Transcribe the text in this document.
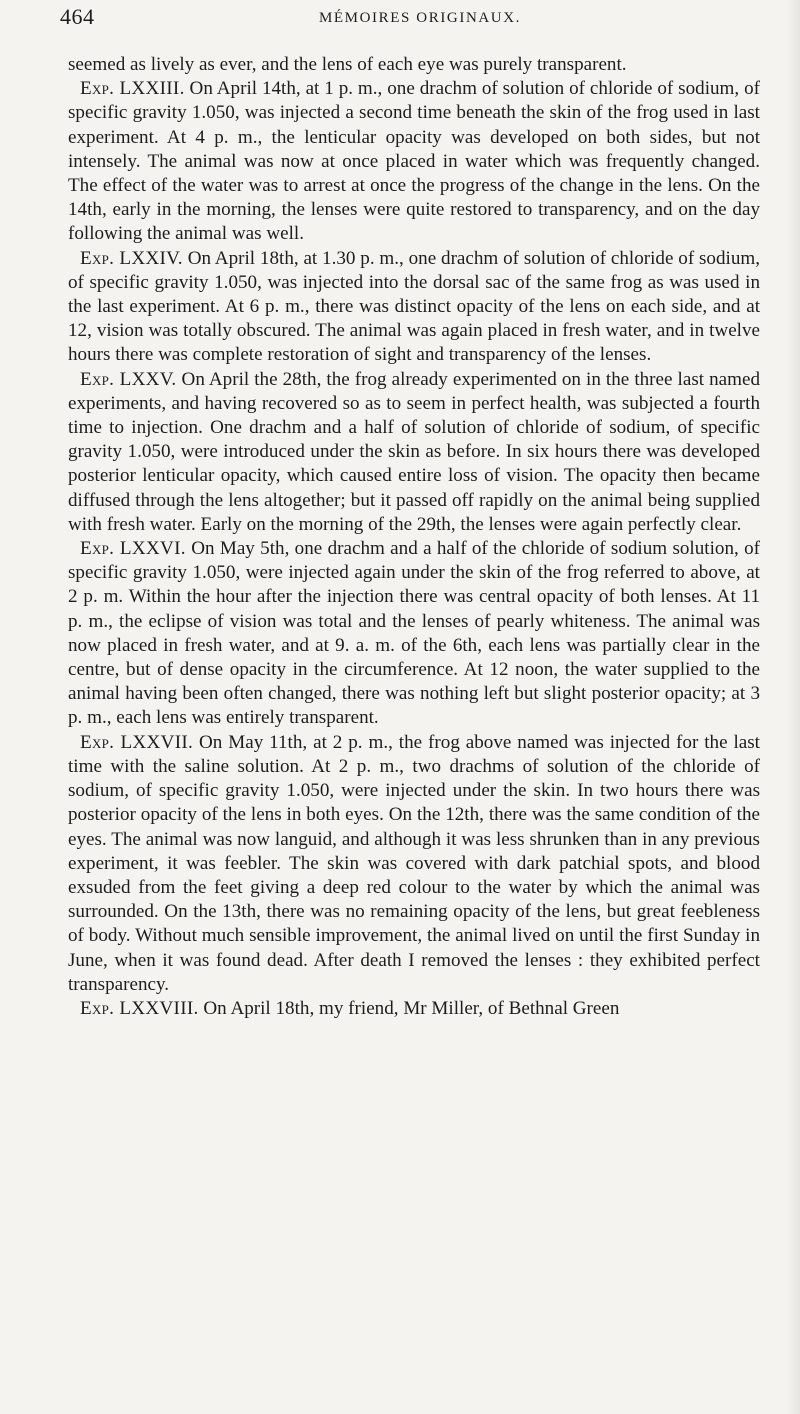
464	MÉMOIRES ORIGINAUX.

seemed as lively as ever, and the lens of each eye was purely transparent.

Exp. LXXIII. On April 14th, at 1 p. m., one drachm of solution of chloride of sodium, of specific gravity 1.050, was injected a second time beneath the skin of the frog used in last experiment. At 4 p. m., the lenticular opacity was developed on both sides, but not intensely. The animal was now at once placed in water which was frequently changed. The effect of the water was to arrest at once the progress of the change in the lens. On the 14th, early in the morning, the lenses were quite restored to transparency, and on the day following the animal was well.

Exp. LXXIV. On April 18th, at 1.30 p. m., one drachm of solution of chloride of sodium, of specific gravity 1.050, was injected into the dorsal sac of the same frog as was used in the last experiment. At 6 p. m., there was distinct opacity of the lens on each side, and at 12, vision was totally obscured. The animal was again placed in fresh water, and in twelve hours there was complete restoration of sight and transparency of the lenses.

Exp. LXXV. On April the 28th, the frog already experimented on in the three last named experiments, and having recovered so as to seem in perfect health, was subjected a fourth time to injection. One drachm and a half of solution of chloride of sodium, of specific gravity 1.050, were introduced under the skin as before. In six hours there was developed posterior lenticular opacity, which caused entire loss of vision. The opacity then became diffused through the lens altogether; but it passed off rapidly on the animal being supplied with fresh water. Early on the morning of the 29th, the lenses were again perfectly clear.

Exp. LXXVI. On May 5th, one drachm and a half of the chloride of sodium solution, of specific gravity 1.050, were injected again under the skin of the frog referred to above, at 2 p. m. Within the hour after the injection there was central opacity of both lenses. At 11 p. m., the eclipse of vision was total and the lenses of pearly whiteness. The animal was now placed in fresh water, and at 9. a. m. of the 6th, each lens was partially clear in the centre, but of dense opacity in the circumference. At 12 noon, the water supplied to the animal having been often changed, there was nothing left but slight posterior opacity; at 3 p. m., each lens was entirely transparent.

Exp. LXXVII. On May 11th, at 2 p. m., the frog above named was injected for the last time with the saline solution. At 2 p. m., two drachms of solution of the chloride of sodium, of specific gravity 1.050, were injected under the skin. In two hours there was posterior opacity of the lens in both eyes. On the 12th, there was the same condition of the eyes. The animal was now languid, and although it was less shrunken than in any previous experiment, it was feebler. The skin was covered with dark patchial spots, and blood exsuded from the feet giving a deep red colour to the water by which the animal was surrounded. On the 13th, there was no remaining opacity of the lens, but great feebleness of body. Without much sensible improvement, the animal lived on until the first Sunday in June, when it was found dead. After death I removed the lenses : they exhibited perfect transparency.

Exp. LXXVIII. On April 18th, my friend, Mr Miller, of Bethnal Green
